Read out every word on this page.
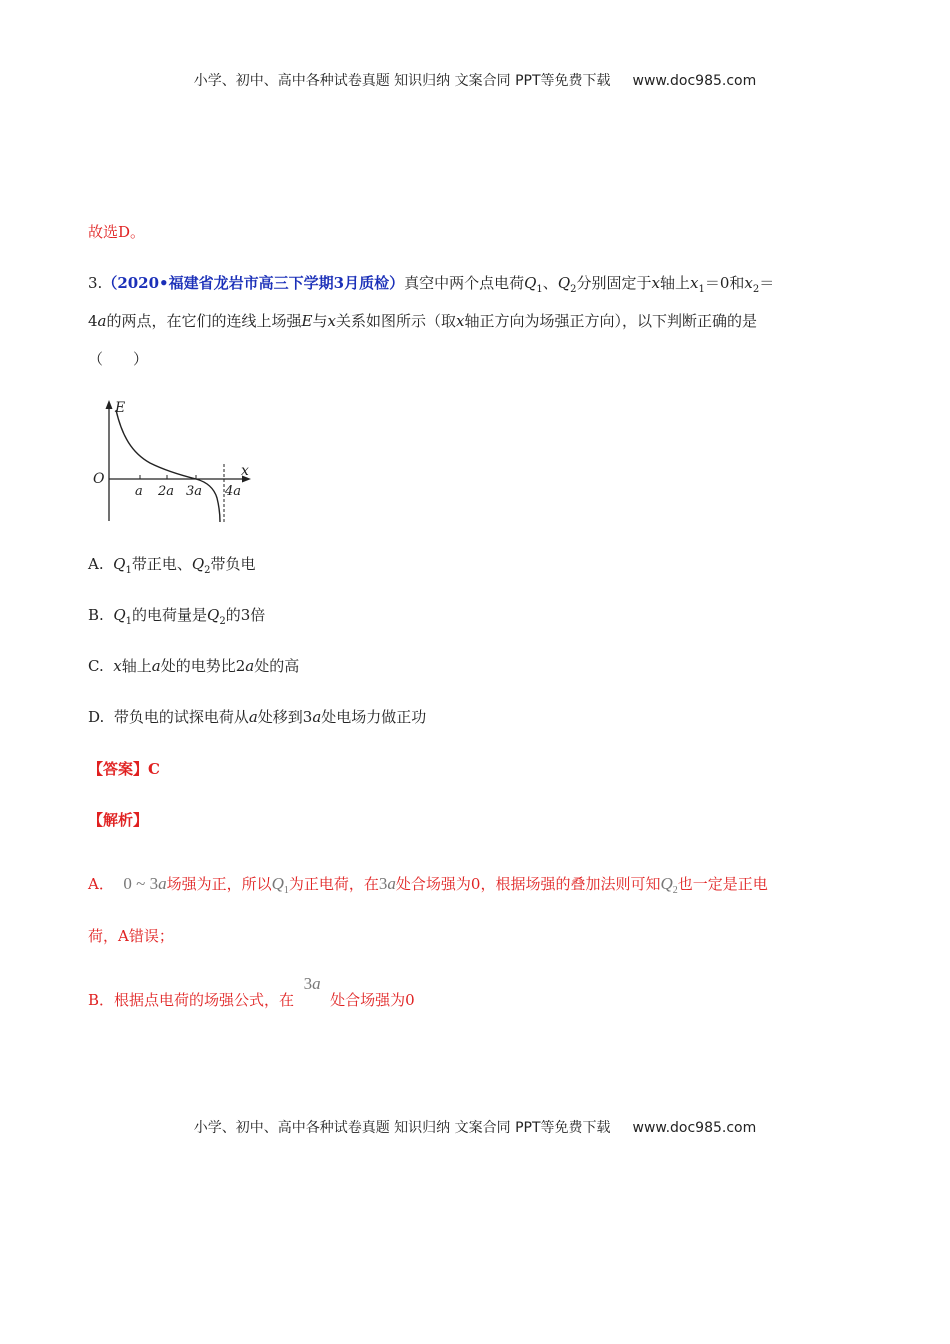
小学、初中、高中各种试卷真题 知识归纳 文案合同 PPT等免费下载 www.doc985.com
故选D。
3.（2020•福建省龙岩市高三下学期3月质检）真空中两个点电荷$Q_1$、$Q_2$分别固定于x轴上$x_1=0$和$x_2=$
4a的两点，在它们的连线上场强E与x关系如图所示（取x轴正方向为场强正方向），以下判断正确的是
（　　）
E
x
O
a 2a 3a 4a
A. $Q_1$带正电、$Q_2$带负电
B. $Q_1$的电荷量是$Q_2$的3倍
C. x轴上a处的电势比2a处的高
D. 带负电的试探电荷从a处移到3a处电场力做正功
【答案】C
【解析】
A． 0 ~ 3a场强为正，所以$Q_1$为正电荷，在3a处合场强为0，根据场强的叠加法则可知$Q_2$也一定是正电
荷，A错误；
B．根据点电荷的场强公式，在  3a  处合场强为0
小学、初中、高中各种试卷真题 知识归纳 文案合同 PPT等免费下载 www.doc985.com
